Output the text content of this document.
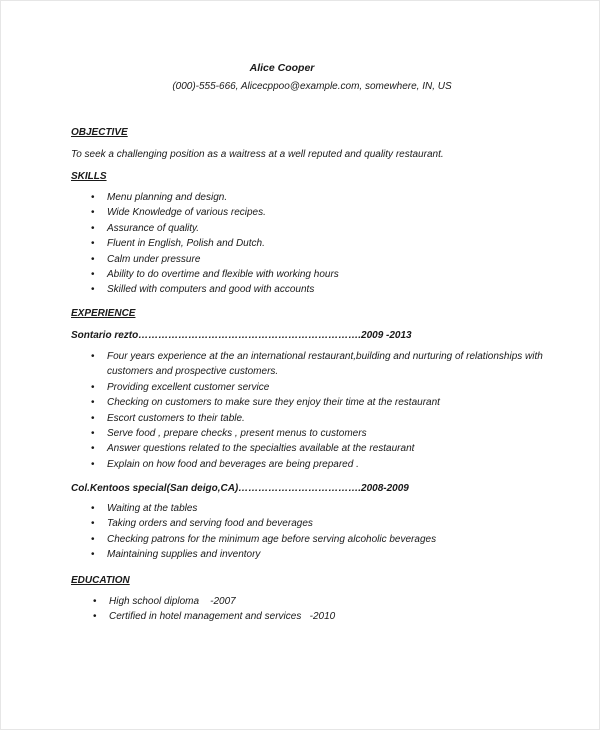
Alice Cooper
(000)-555-666, Alicecppoo@example.com, somewhere, IN, US
OBJECTIVE
To seek a challenging position as a waitress at a well reputed and quality restaurant.
SKILLS
• Menu planning and design.
• Wide Knowledge of various recipes.
• Assurance of quality.
• Fluent in English, Polish and Dutch.
• Calm under pressure
• Ability to do overtime and flexible with working hours
• Skilled with computers and good with accounts
EXPERIENCE
Sontario rezto………………………………………………………….2009 -2013
• Four years experience at the an international restaurant,building and nurturing of relationships with customers and prospective customers.
• Providing excellent customer service
• Checking on customers to make sure they enjoy their time at the restaurant
• Escort customers to their table.
• Serve food , prepare checks , present menus to customers
• Answer questions related to the specialties available at the restaurant
• Explain on how food and beverages are being prepared .
Col.Kentoos special(San deigo,CA)……………………………….2008-2009
• Waiting at the tables
• Taking orders and serving food and beverages
• Checking patrons for the minimum age before serving alcoholic beverages
• Maintaining supplies and inventory
EDUCATION
• High school diploma    -2007
• Certified in hotel management and services   -2010
